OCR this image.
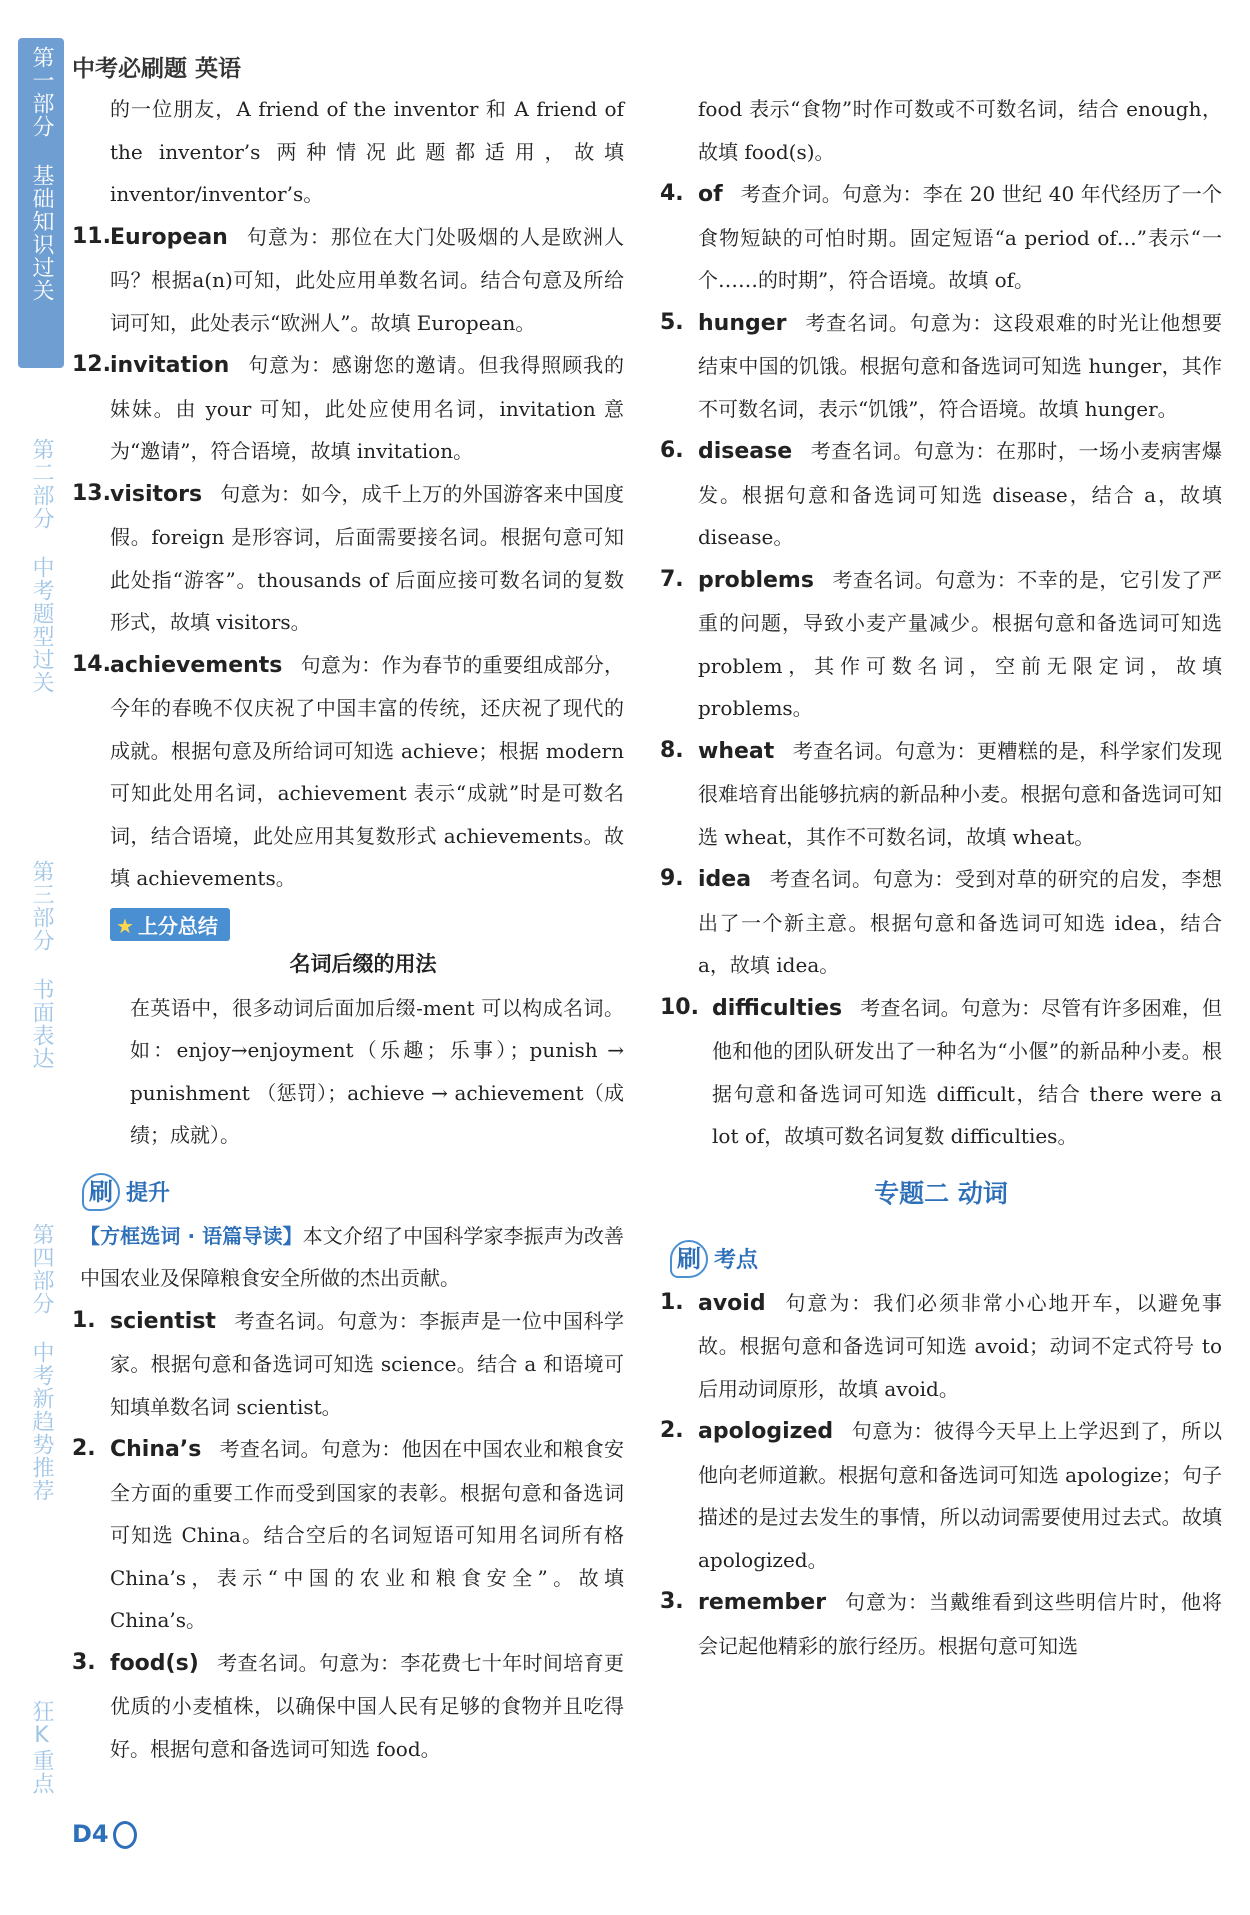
第一部分 基础知识过关
第二部分 中考题型过关
第三部分 书面表达
第四部分 中考新趋势推荐
狂K重点
中考必刷题 英语
的一位朋友，A friend of the inventor 和 A friend of the inventor’s 两种情况此题都适用，故填 inventor/inventor’s。
11. European 句意为：那位在大门处吸烟的人是欧洲人吗？根据a(n)可知，此处应用单数名词。结合句意及所给词可知，此处表示“欧洲人”。故填 European。
12. invitation 句意为：感谢您的邀请。但我得照顾我的妹妹。由 your 可知，此处应使用名词，invitation 意为“邀请”，符合语境，故填 invitation。
13. visitors 句意为：如今，成千上万的外国游客来中国度假。foreign 是形容词，后面需要接名词。根据句意可知此处指“游客”。thousands of 后面应接可数名词的复数形式，故填 visitors。
14. achievements 句意为：作为春节的重要组成部分，今年的春晚不仅庆祝了中国丰富的传统，还庆祝了现代的成就。根据句意及所给词可知选 achieve；根据 modern 可知此处用名词，achievement 表示“成就”时是可数名词，结合语境，此处应用其复数形式 achievements。故填 achievements。
★ 上分总结
名词后缀的用法
在英语中，很多动词后面加后缀-ment 可以构成名词。如：enjoy→enjoyment（乐趣；乐事）；punish → punishment （惩罚）；achieve → achievement（成绩；成就）。
刷 提升
【方框选词 · 语篇导读】本文介绍了中国科学家李振声为改善中国农业及保障粮食安全所做的杰出贡献。
1. scientist 考查名词。句意为：李振声是一位中国科学家。根据句意和备选词可知选 science。结合 a 和语境可知填单数名词 scientist。
2. China’s 考查名词。句意为：他因在中国农业和粮食安全方面的重要工作而受到国家的表彰。根据句意和备选词可知选 China。结合空后的名词短语可知用名词所有格 China’s，表示“中国的农业和粮食安全”。故填 China’s。
3. food(s) 考查名词。句意为：李花费七十年时间培育更优质的小麦植株，以确保中国人民有足够的食物并且吃得好。根据句意和备选词可知选 food。
food 表示“食物”时作可数或不可数名词，结合 enough，故填 food(s)。
4. of 考查介词。句意为：李在 20 世纪 40 年代经历了一个食物短缺的可怕时期。固定短语“a period of…”表示“一个……的时期”，符合语境。故填 of。
5. hunger 考查名词。句意为：这段艰难的时光让他想要结束中国的饥饿。根据句意和备选词可知选 hunger，其作不可数名词，表示“饥饿”，符合语境。故填 hunger。
6. disease 考查名词。句意为：在那时，一场小麦病害爆发。根据句意和备选词可知选 disease，结合 a，故填 disease。
7. problems 考查名词。句意为：不幸的是，它引发了严重的问题，导致小麦产量减少。根据句意和备选词可知选 problem，其作可数名词，空前无限定词，故填 problems。
8. wheat 考查名词。句意为：更糟糕的是，科学家们发现很难培育出能够抗病的新品种小麦。根据句意和备选词可知选 wheat，其作不可数名词，故填 wheat。
9. idea 考查名词。句意为：受到对草的研究的启发，李想出了一个新主意。根据句意和备选词可知选 idea，结合 a，故填 idea。
10. difficulties 考查名词。句意为：尽管有许多困难，但他和他的团队研发出了一种名为“小偃”的新品种小麦。根据句意和备选词可知选 difficult，结合 there were a lot of，故填可数名词复数 difficulties。
专题二 动词
刷 考点
1. avoid 句意为：我们必须非常小心地开车，以避免事故。根据句意和备选词可知选 avoid；动词不定式符号 to 后用动词原形，故填 avoid。
2. apologized 句意为：彼得今天早上上学迟到了，所以他向老师道歉。根据句意和备选词可知选 apologize；句子描述的是过去发生的事情，所以动词需要使用过去式。故填 apologized。
3. remember 句意为：当戴维看到这些明信片时，他将会记起他精彩的旅行经历。根据句意可知选
D4
